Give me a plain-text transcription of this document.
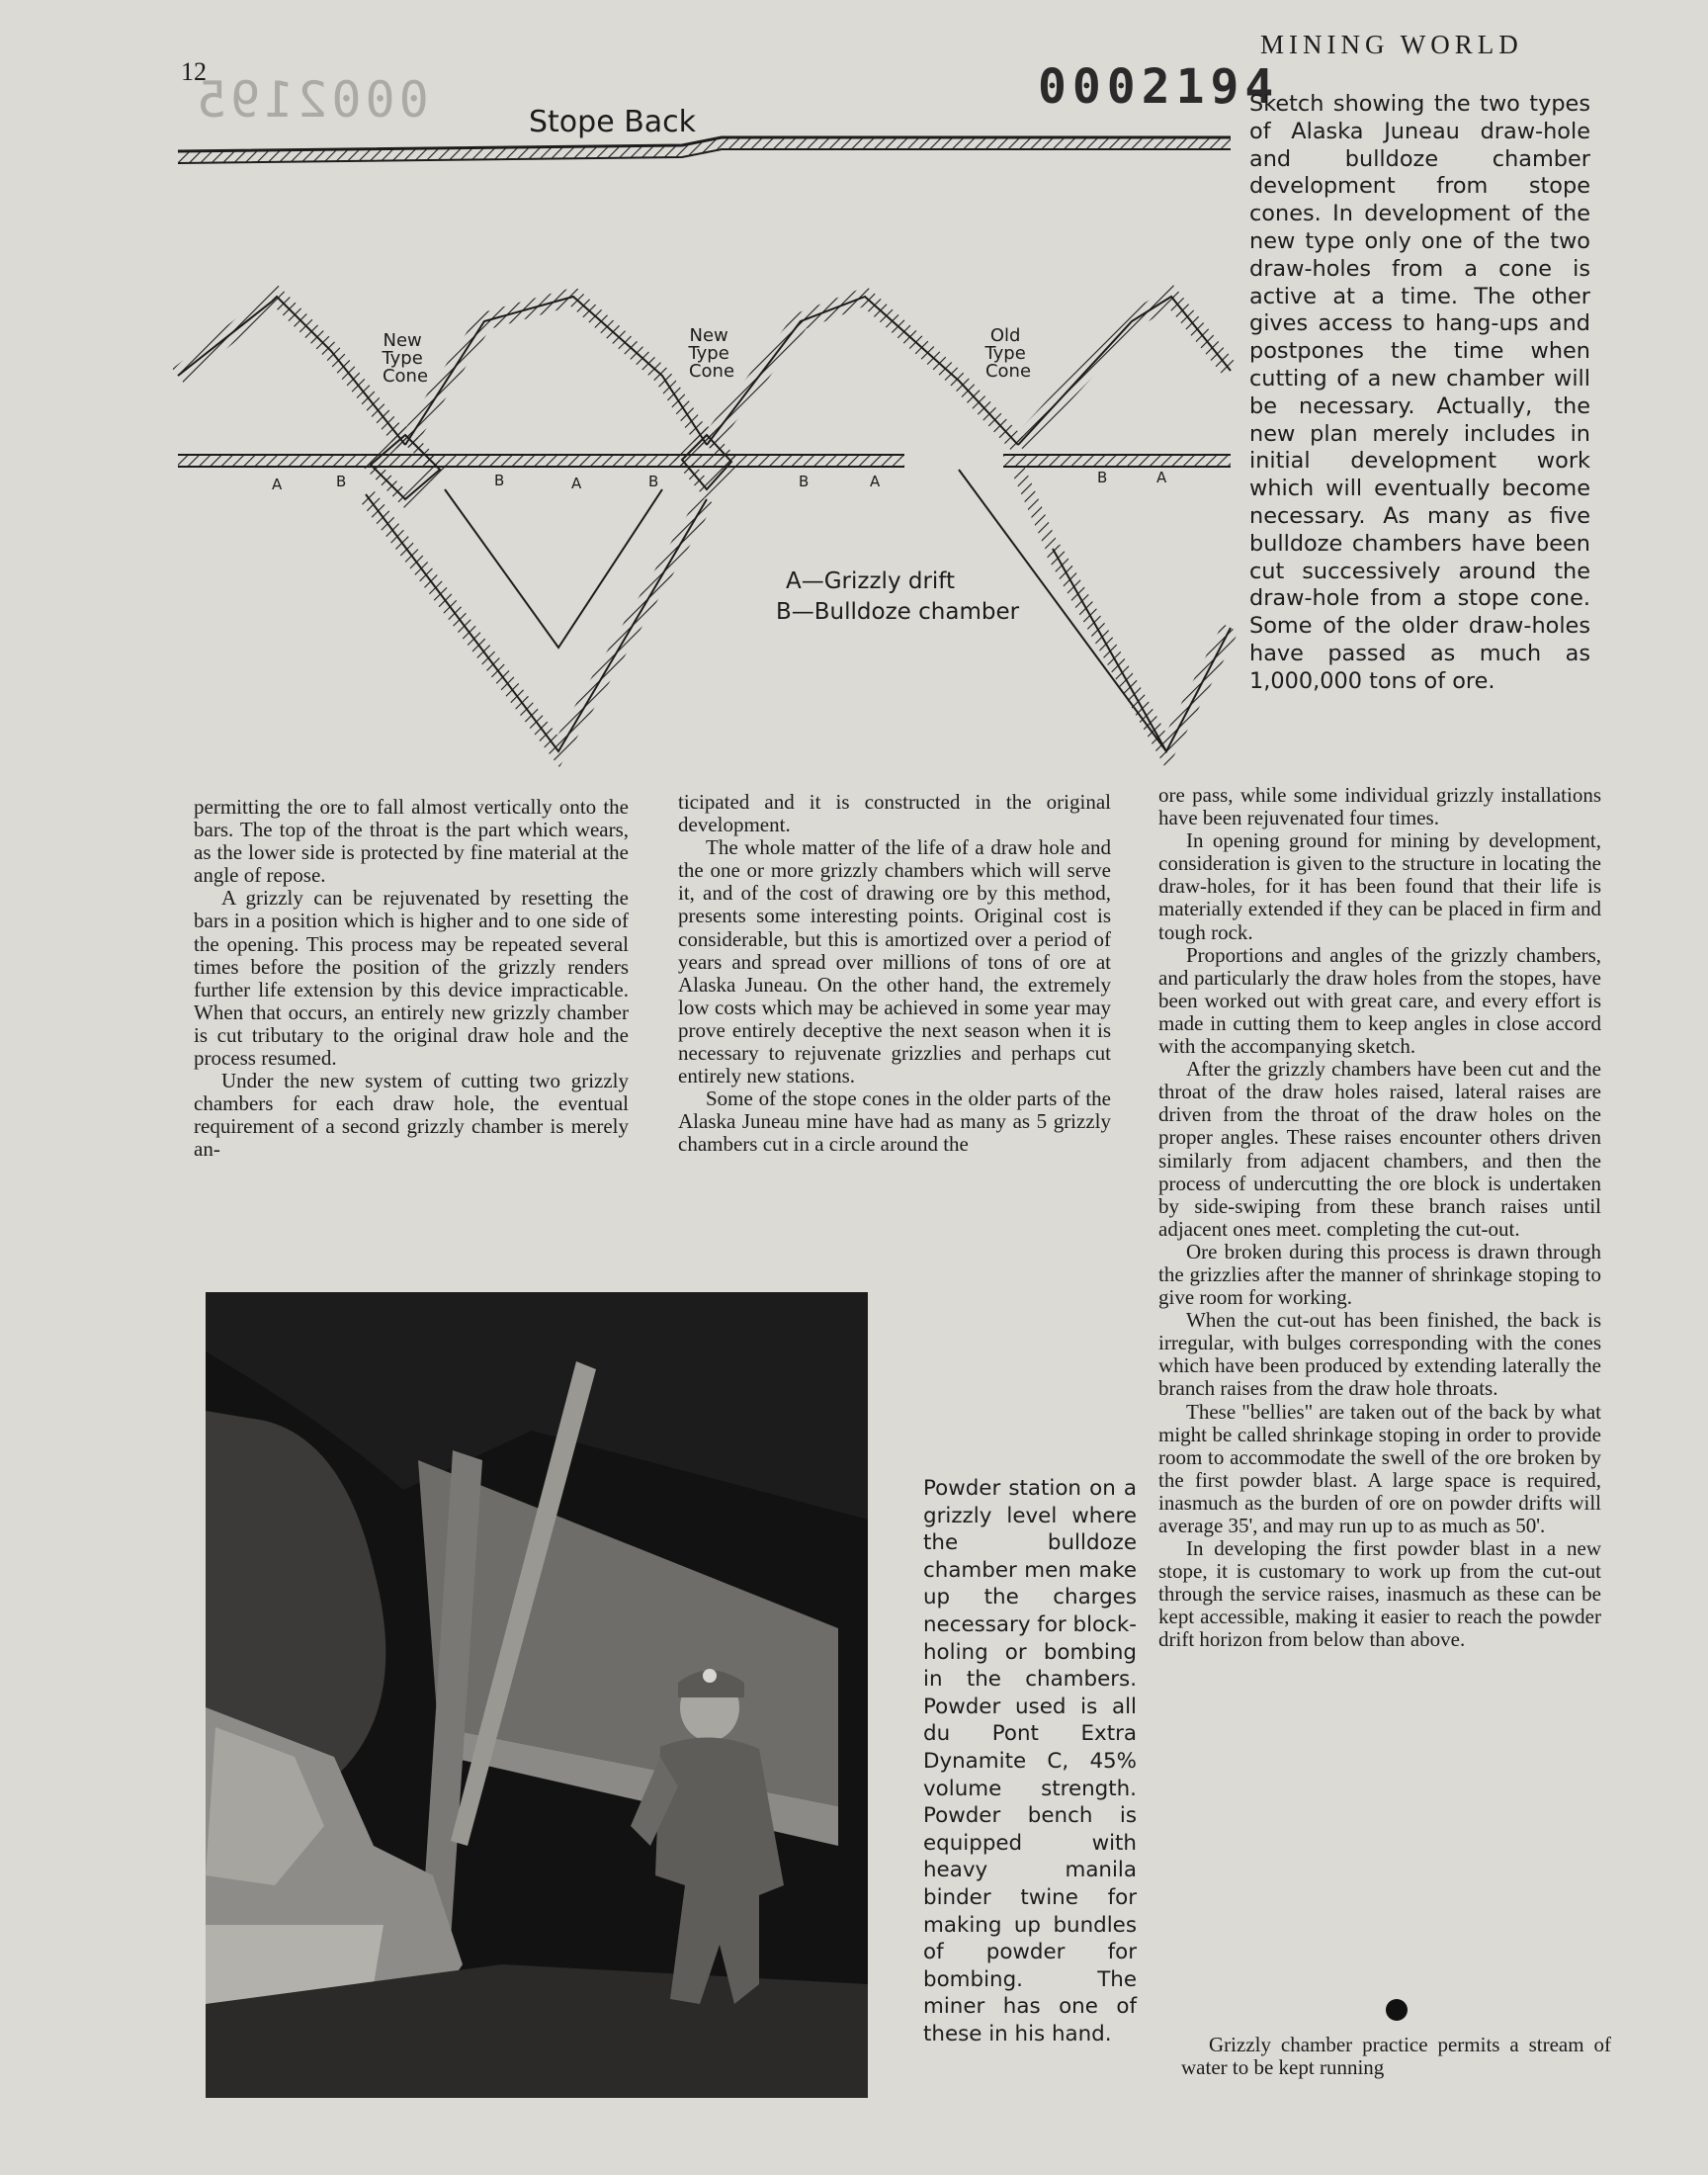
12
0002195	0002194
MINING WORLD
Stope Back
New Type Cone
New Type Cone
Old Type Cone
A	B	B	A	B	B	A	B	A
A—Grizzly drift
B—Bulldoze chamber

Sketch showing the two types of Alaska Juneau draw-hole and bulldoze chamber development from stope cones. In development of the new type only one of the two draw-holes from a cone is active at a time. The other gives access to hang-ups and postpones the time when cutting of a new chamber will be necessary. Actually, the new plan merely includes in initial development work which will eventually become necessary. As many as five bulldoze chambers have been cut successively around the draw-hole from a stope cone. Some of the older draw-holes have passed as much as 1,000,000 tons of ore.

permitting the ore to fall almost vertically onto the bars. The top of the throat is the part which wears, as the lower side is protected by fine material at the angle of repose.

A grizzly can be rejuvenated by resetting the bars in a position which is higher and to one side of the opening. This process may be repeated several times before the position of the grizzly renders further life extension by this device impracticable. When that occurs, an entirely new grizzly chamber is cut tributary to the original draw hole and the process resumed.

Under the new system of cutting two grizzly chambers for each draw hole, the eventual requirement of a second grizzly chamber is merely an-

ticipated and it is constructed in the original development.

The whole matter of the life of a draw hole and the one or more grizzly chambers which will serve it, and of the cost of drawing ore by this method, presents some interesting points. Original cost is considerable, but this is amortized over a period of years and spread over millions of tons of ore at Alaska Juneau. On the other hand, the extremely low costs which may be achieved in some year may prove entirely deceptive the next season when it is necessary to rejuvenate grizzlies and perhaps cut entirely new stations.

Some of the stope cones in the older parts of the Alaska Juneau mine have had as many as 5 grizzly chambers cut in a circle around the

ore pass, while some individual grizzly installations have been rejuvenated four times.

In opening ground for mining by development, consideration is given to the structure in locating the draw-holes, for it has been found that their life is materially extended if they can be placed in firm and tough rock.

Proportions and angles of the grizzly chambers, and particularly the draw holes from the stopes, have been worked out with great care, and every effort is made in cutting them to keep angles in close accord with the accompanying sketch.

After the grizzly chambers have been cut and the throat of the draw holes raised, lateral raises are driven from the throat of the draw holes on the proper angles. These raises encounter others driven similarly from adjacent chambers, and then the process of undercutting the ore block is undertaken by side-swiping from these branch raises until adjacent ones meet. completing the cut-out.

Ore broken during this process is drawn through the grizzlies after the manner of shrinkage stoping to give room for working.

When the cut-out has been finished, the back is irregular, with bulges corresponding with the cones which have been produced by extending laterally the branch raises from the draw hole throats.

These "bellies" are taken out of the back by what might be called shrinkage stoping in order to provide room to accommodate the swell of the ore broken by the first powder blast. A large space is required, inasmuch as the burden of ore on powder drifts will average 35', and may run up to as much as 50'.

In developing the first powder blast in a new stope, it is customary to work up from the cut-out through the service raises, inasmuch as these can be kept accessible, making it easier to reach the powder drift horizon from below than above.

Grizzly chamber practice permits a stream of water to be kept running

Powder station on a grizzly level where the bulldoze chamber men make up the charges necessary for block-holing or bombing in the chambers. Powder used is all du Pont Extra Dynamite C, 45% volume strength. Powder bench is equipped with heavy manila binder twine for making up bundles of powder for bombing. The miner has one of these in his hand.
